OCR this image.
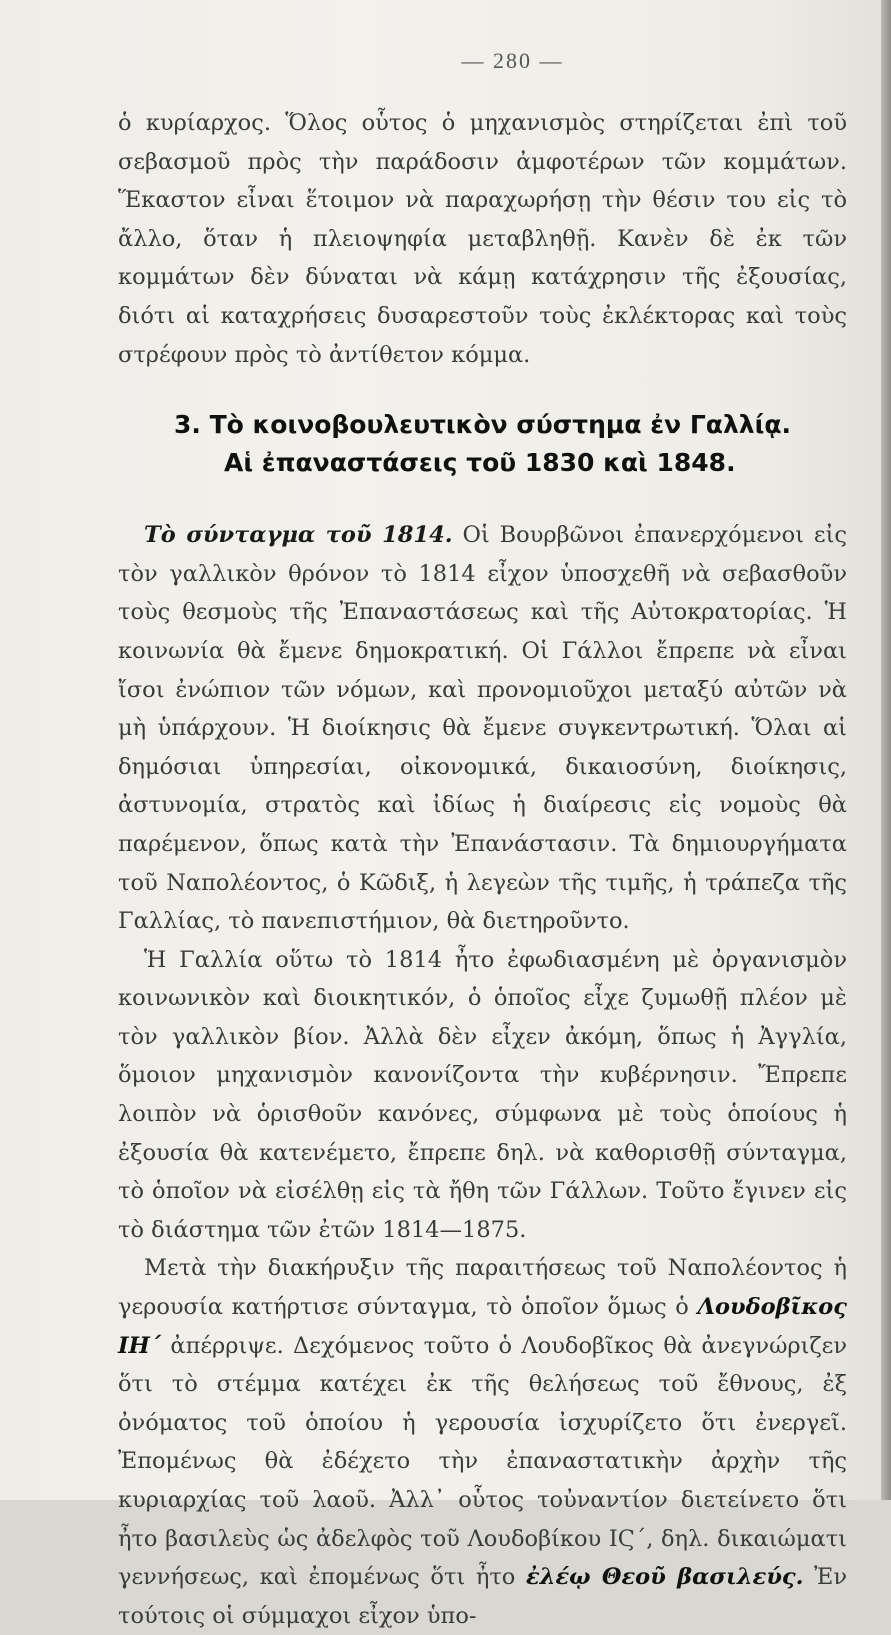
— 280 —

ὁ κυρίαρχος. Ὅλος οὗτος ὁ μηχανισμὸς στηρίζεται ἐπὶ τοῦ σεβασμοῦ πρὸς τὴν παράδοσιν ἀμφοτέρων τῶν κομμάτων. Ἕκαστον εἶναι ἕτοιμον νὰ παραχωρήσῃ τὴν θέσιν του εἰς τὸ ἄλλο, ὅταν ἡ πλειοψηφία μεταβληθῇ. Κανὲν δὲ ἐκ τῶν κομμάτων δὲν δύναται νὰ κάμῃ κατάχρησιν τῆς ἐξουσίας, διότι αἱ καταχρήσεις δυσαρεστοῦν τοὺς ἐκλέκτορας καὶ τοὺς στρέφουν πρὸς τὸ ἀντίθετον κόμμα.

3. Τὸ κοινοβουλευτικὸν σύστημα ἐν Γαλλίᾳ.
Αἱ ἐπαναστάσεις τοῦ 1830 καὶ 1848.

Τὸ σύνταγμα τοῦ 1814. Οἱ Βουρβῶνοι ἐπανερχόμενοι εἰς τὸν γαλλικὸν θρόνον τὸ 1814 εἶχον ὑποσχεθῆ νὰ σεβασθοῦν τοὺς θεσμοὺς τῆς Ἐπαναστάσεως καὶ τῆς Αὐτοκρατορίας. Ἡ κοινωνία θὰ ἔμενε δημοκρατική. Οἱ Γάλλοι ἔπρεπε νὰ εἶναι ἴσοι ἐνώπιον τῶν νόμων, καὶ προνομιοῦχοι μεταξύ αὐτῶν νὰ μὴ ὑπάρχουν. Ἡ διοίκησις θὰ ἔμενε συγκεντρωτική. Ὅλαι αἱ δημόσιαι ὑπηρεσίαι, οἰκονομικά, δικαιοσύνη, διοίκησις, ἀστυνομία, στρατὸς καὶ ἰδίως ἡ διαίρεσις εἰς νομοὺς θὰ παρέμενον, ὅπως κατὰ τὴν Ἐπανάστασιν. Τὰ δημιουργήματα τοῦ Ναπολέοντος, ὁ Κῶδιξ, ἡ λεγεὼν τῆς τιμῆς, ἡ τράπεζα τῆς Γαλλίας, τὸ πανεπιστήμιον, θὰ διετηροῦντο.

Ἡ Γαλλία οὕτω τὸ 1814 ἦτο ἐφωδιασμένη μὲ ὀργανισμὸν κοινωνικὸν καὶ διοικητικόν, ὁ ὁποῖος εἶχε ζυμωθῇ πλέον μὲ τὸν γαλλικὸν βίον. Ἀλλὰ δὲν εἶχεν ἀκόμη, ὅπως ἡ Ἀγγλία, ὅμοιον μηχανισμὸν κανονίζοντα τὴν κυβέρνησιν. Ἔπρεπε λοιπὸν νὰ ὁρισθοῦν κανόνες, σύμφωνα μὲ τοὺς ὁποίους ἡ ἐξουσία θὰ κατενέμετο, ἔπρεπε δηλ. νὰ καθορισθῇ σύνταγμα, τὸ ὁποῖον νὰ εἰσέλθῃ εἰς τὰ ἤθη τῶν Γάλλων. Τοῦτο ἔγινεν εἰς τὸ διάστημα τῶν ἐτῶν 1814—1875.

Μετὰ τὴν διακήρυξιν τῆς παραιτήσεως τοῦ Ναπολέοντος ἡ γερουσία κατήρτισε σύνταγμα, τὸ ὁποῖον ὅμως ὁ Λουδοβῖκος ΙΗ΄ ἀπέρριψε. Δεχόμενος τοῦτο ὁ Λουδοβῖκος θὰ ἀνεγνώριζεν ὅτι τὸ στέμμα κατέχει ἐκ τῆς θελήσεως τοῦ ἔθνους, ἐξ ὀνόματος τοῦ ὁποίου ἡ γερουσία ἰσχυρίζετο ὅτι ἐνεργεῖ. Ἐπομένως θὰ ἐδέχετο τὴν ἐπαναστατικὴν ἀρχὴν τῆς κυριαρχίας τοῦ λαοῦ. Ἀλλ᾽ οὗτος τοὐναντίον διετείνετο ὅτι ἦτο βασιλεὺς ὡς ἀδελφὸς τοῦ Λουδοβίκου ΙϚ΄, δηλ. δικαιώματι γεννήσεως, καὶ ἐπομένως ὅτι ἦτο ἐλέῳ Θεοῦ βασιλεύς. Ἐν τούτοις οἱ σύμμαχοι εἶχον ὑπο-
